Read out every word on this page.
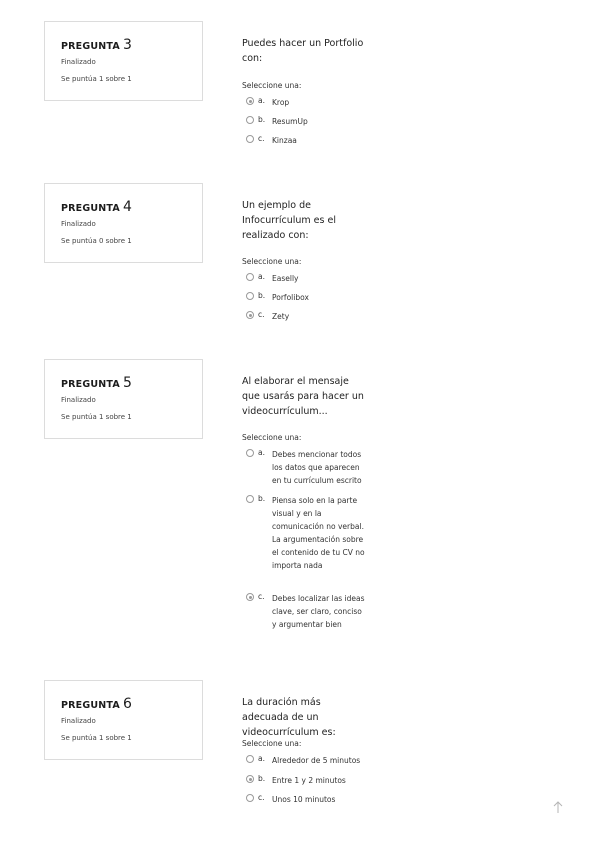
PREGUNTA 3
Finalizado
Se puntúa 1 sobre 1
Puedes hacer un Portfolio con:
Seleccione una:
a. Krop
b. ResumUp
c. Kinzaa
PREGUNTA 4
Finalizado
Se puntúa 0 sobre 1
Un ejemplo de Infocurrículum es el realizado con:
Seleccione una:
a. Easelly
b. Porfolibox
c. Zety
PREGUNTA 5
Finalizado
Se puntúa 1 sobre 1
Al elaborar el mensaje que usarás para hacer un videocurrículum...
Seleccione una:
a. Debes mencionar todos los datos que aparecen en tu currículum escrito
b. Piensa solo en la parte visual y en la comunicación no verbal. La argumentación sobre el contenido de tu CV no importa nada
c. Debes localizar las ideas clave, ser claro, conciso y argumentar bien
PREGUNTA 6
Finalizado
Se puntúa 1 sobre 1
La duración más adecuada de un videocurrículum es:
Seleccione una:
a. Alrededor de 5 minutos
b. Entre 1 y 2 minutos
c. Unos 10 minutos
